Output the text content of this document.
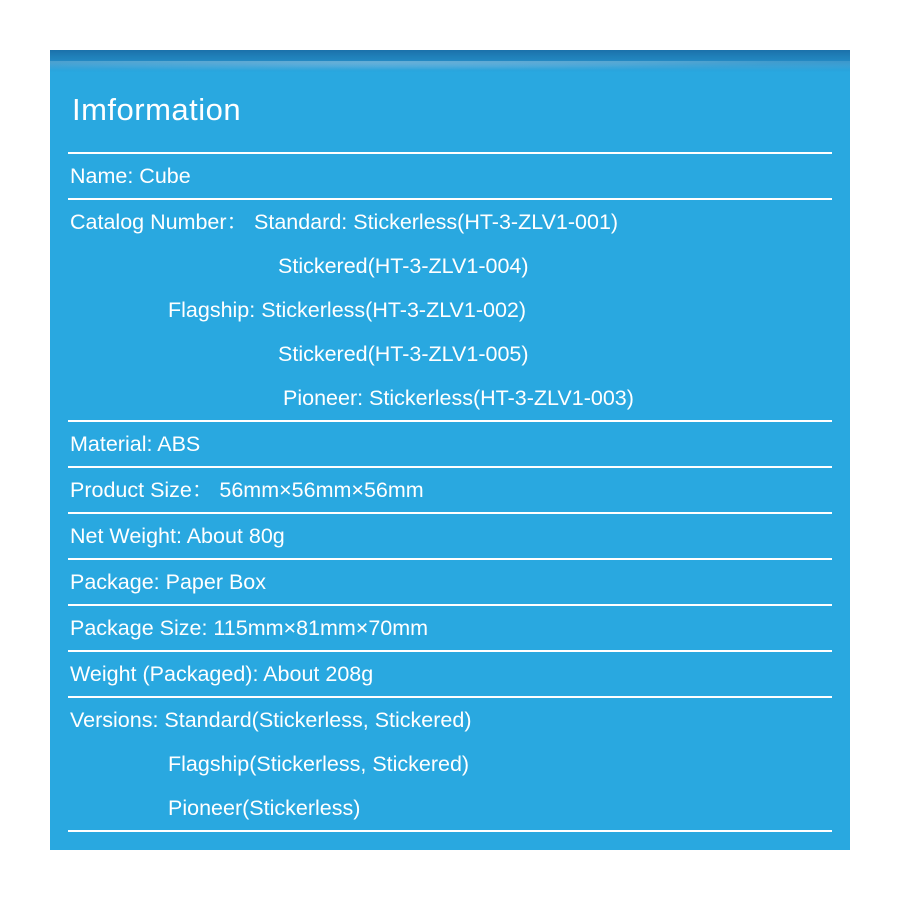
Imformation
Name: Cube
Catalog Number： Standard: Stickerless(HT-3-ZLV1-001)
Stickered(HT-3-ZLV1-004)
Flagship: Stickerless(HT-3-ZLV1-002)
Stickered(HT-3-ZLV1-005)
Pioneer: Stickerless(HT-3-ZLV1-003)
Material: ABS
Product Size： 56mm×56mm×56mm
Net Weight: About 80g
Package: Paper Box
Package Size: 115mm×81mm×70mm
Weight (Packaged): About 208g
Versions: Standard(Stickerless, Stickered)
Flagship(Stickerless, Stickered)
Pioneer(Stickerless)
